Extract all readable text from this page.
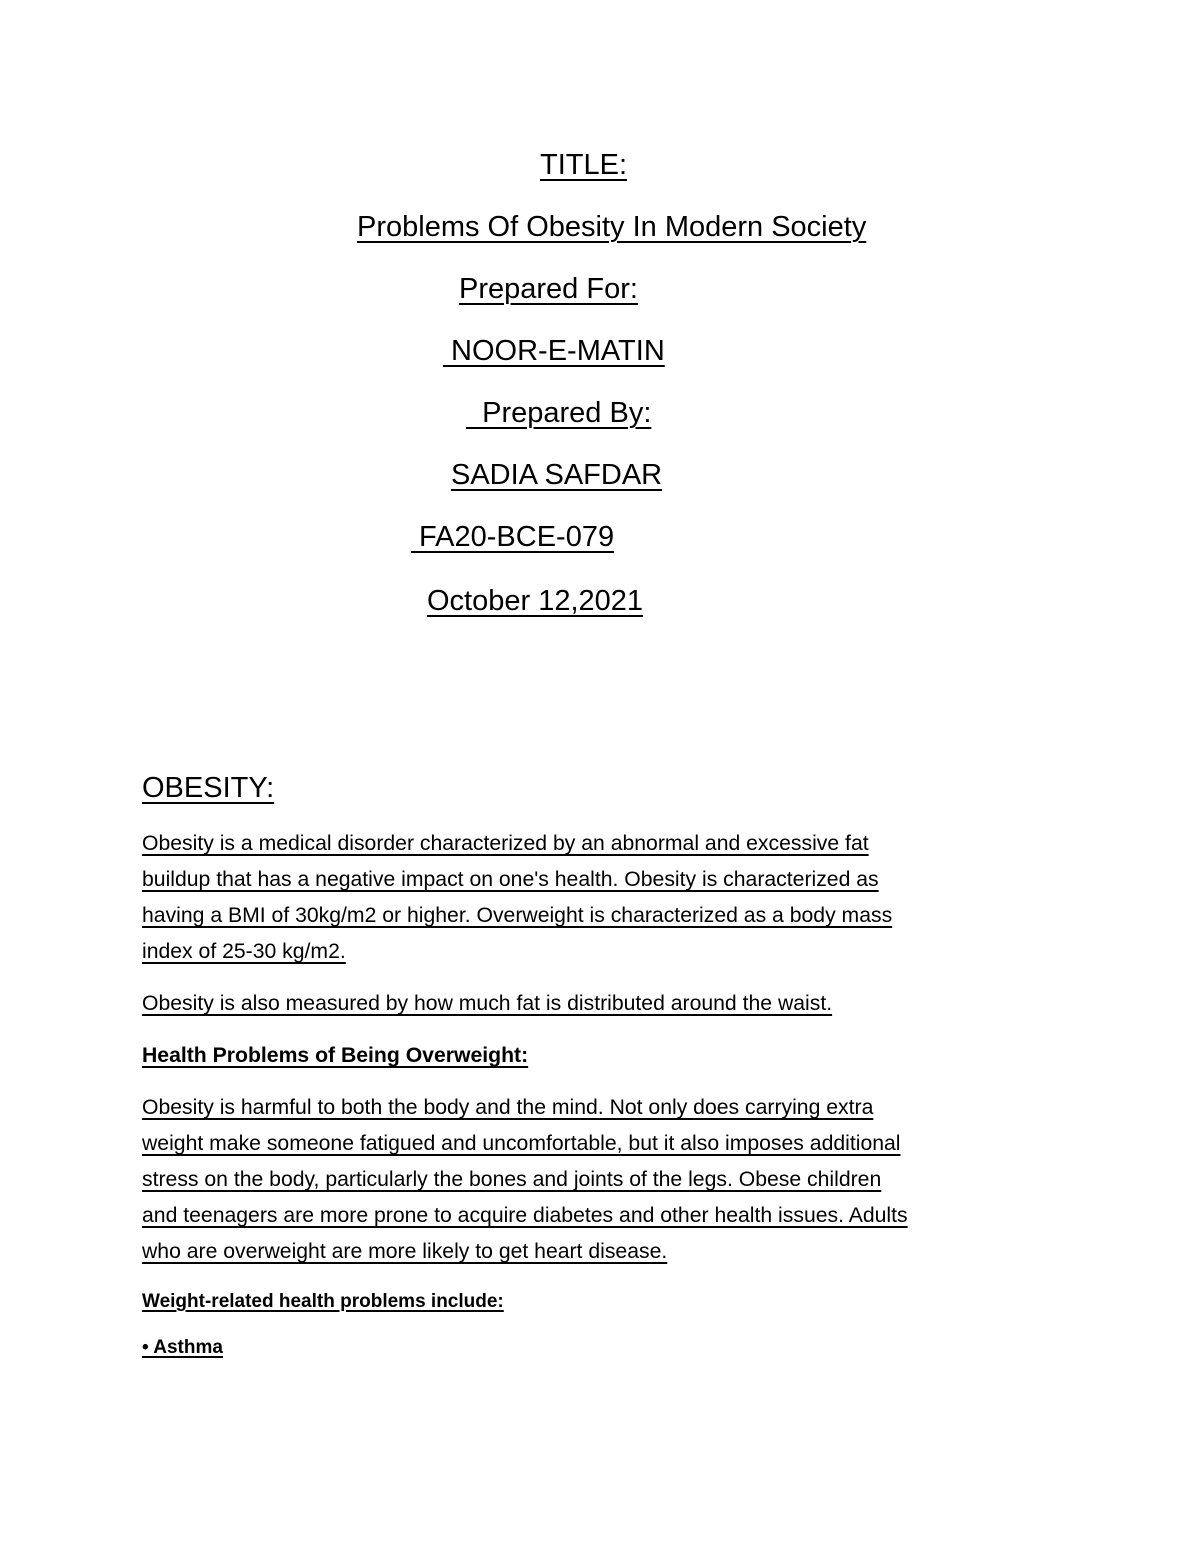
TITLE:
Problems Of Obesity In Modern Society
Prepared For:
NOOR-E-MATIN
Prepared By:
SADIA SAFDAR
FA20-BCE-079
October 12,2021
OBESITY:
Obesity is a medical disorder characterized by an abnormal and excessive fat
buildup that has a negative impact on one's health. Obesity is characterized as
having a BMI of 30kg/m2 or higher. Overweight is characterized as a body mass
index of 25-30 kg/m2.
Obesity is also measured by how much fat is distributed around the waist.
Health Problems of Being Overweight:
Obesity is harmful to both the body and the mind. Not only does carrying extra
weight make someone fatigued and uncomfortable, but it also imposes additional
stress on the body, particularly the bones and joints of the legs. Obese children
and teenagers are more prone to acquire diabetes and other health issues. Adults
who are overweight are more likely to get heart disease.
Weight-related health problems include:
• Asthma
